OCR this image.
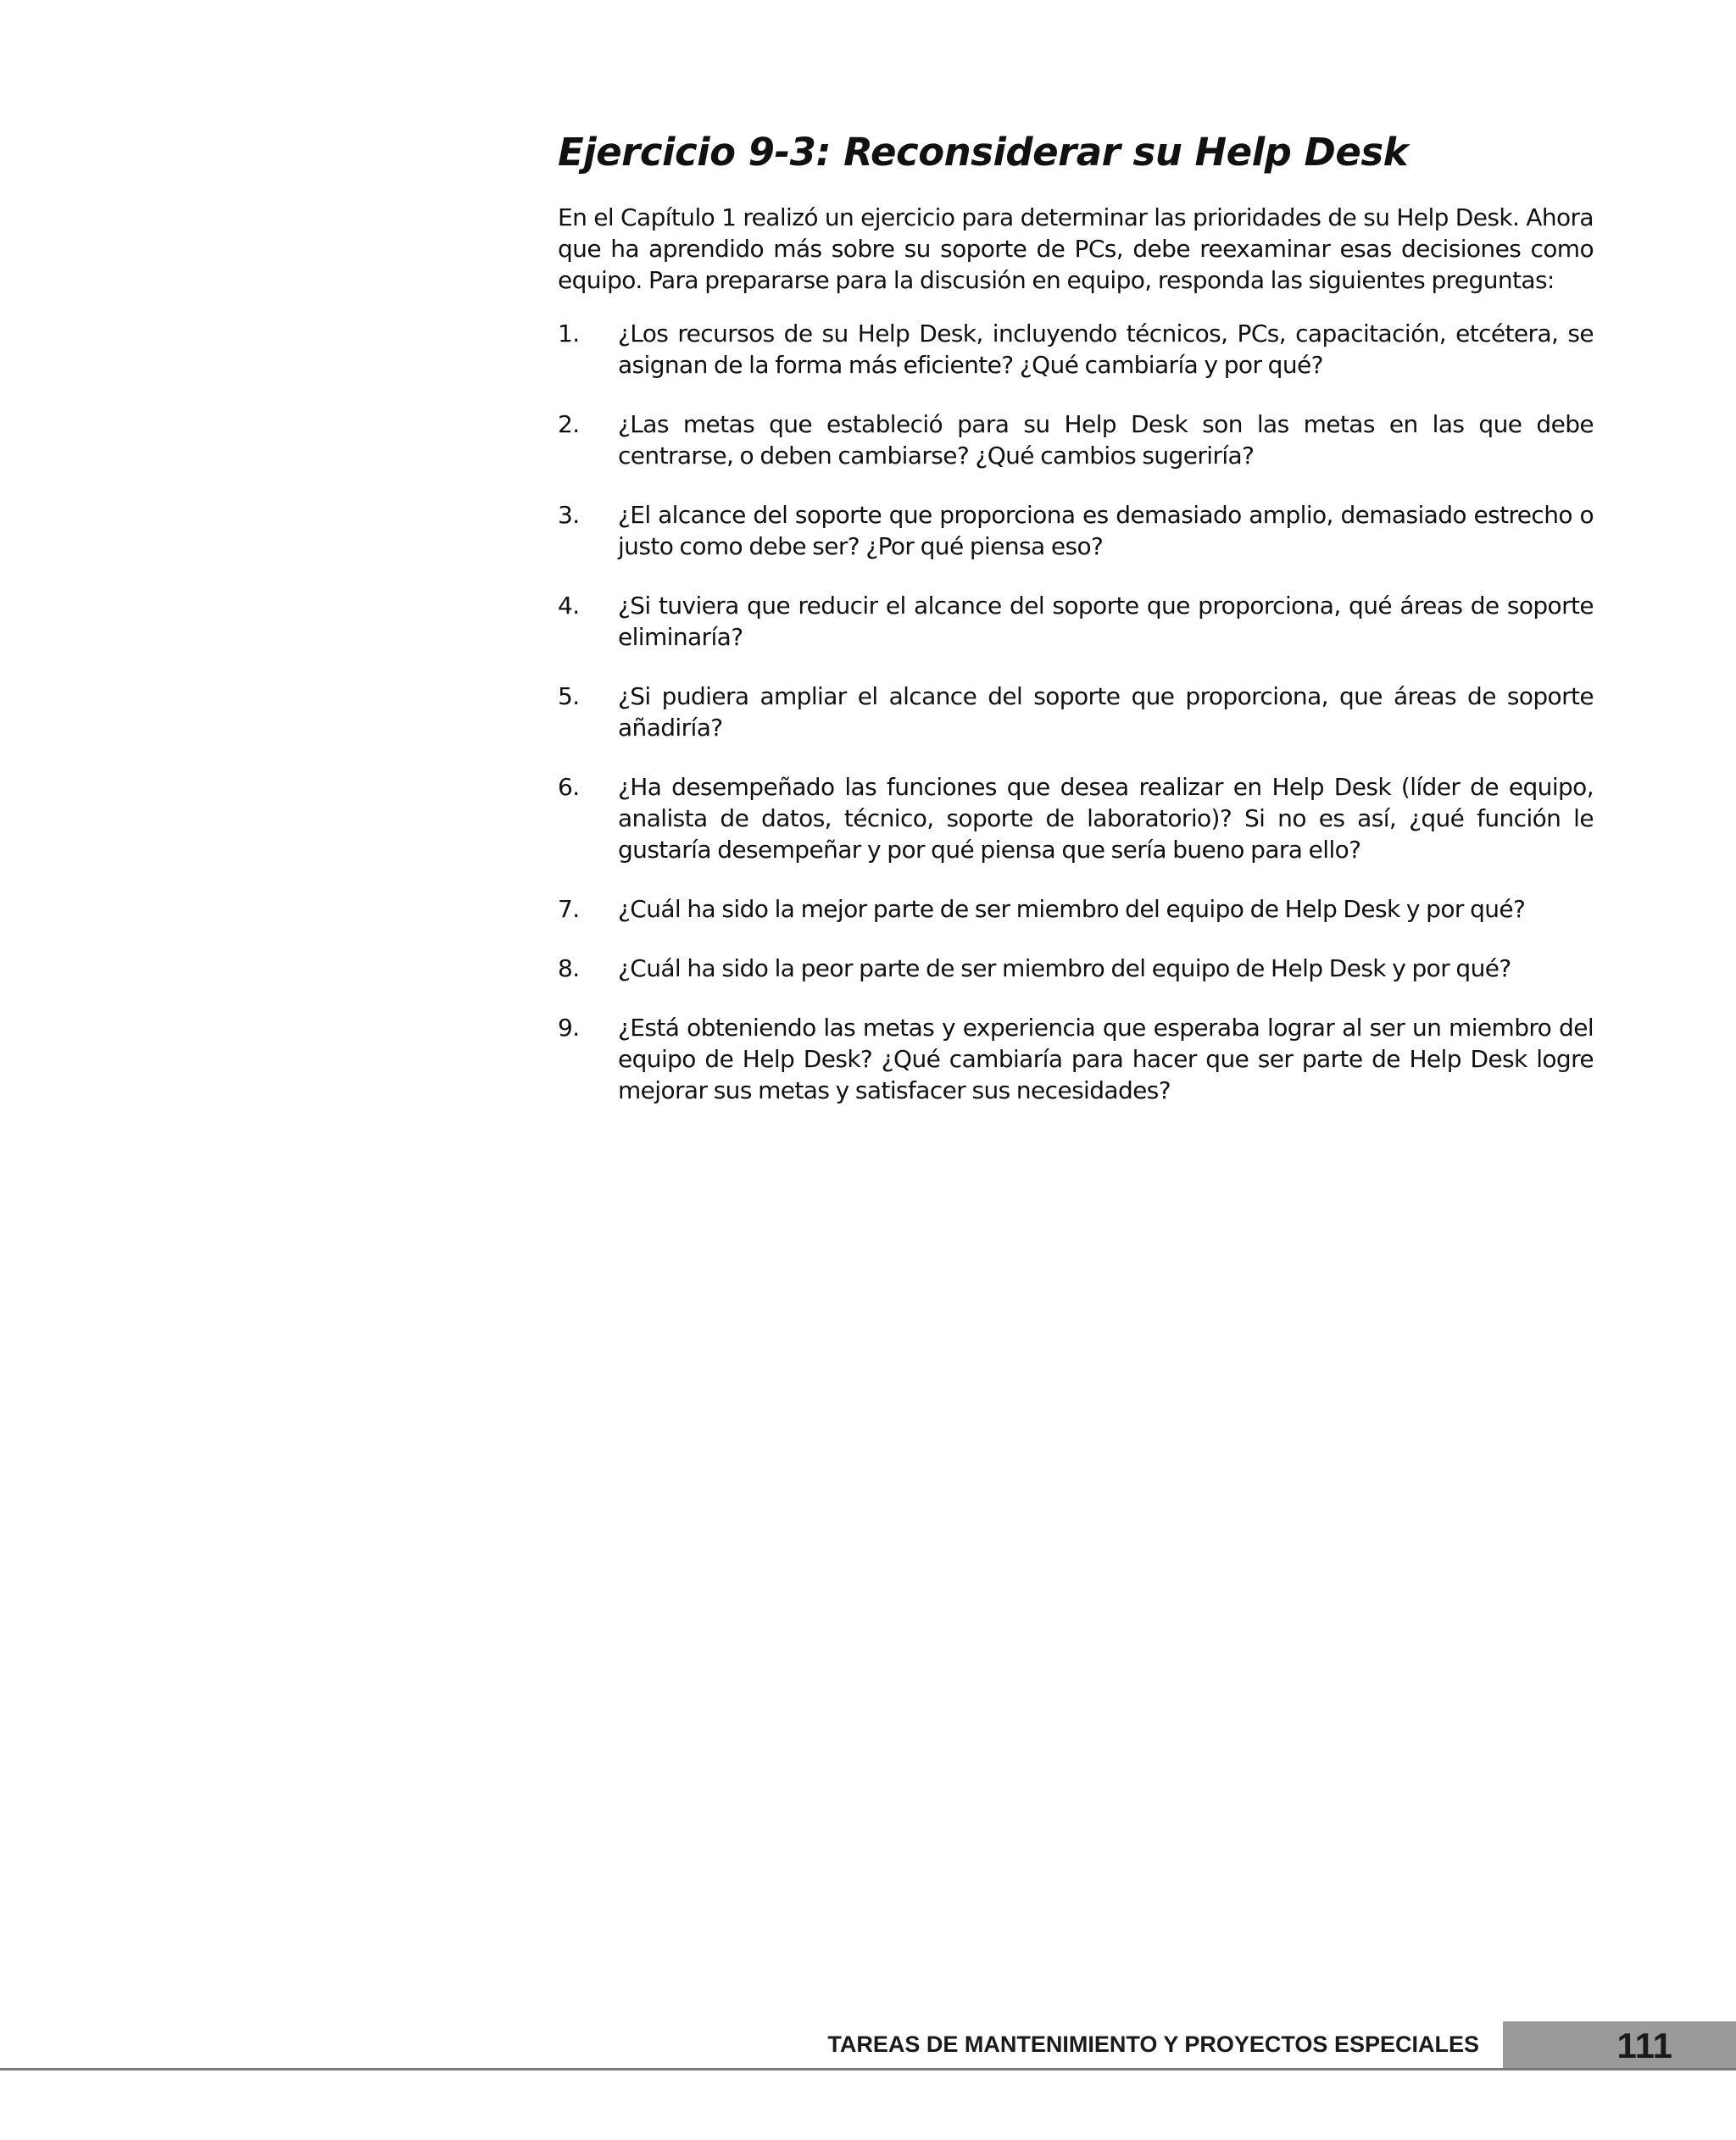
Ejercicio 9-3: Reconsiderar su Help Desk

En el Capítulo 1 realizó un ejercicio para determinar las prioridades de su Help Desk. Ahora que ha aprendido más sobre su soporte de PCs, debe reexaminar esas decisiones como equipo. Para prepararse para la discusión en equipo, responda las siguientes preguntas:

1. ¿Los recursos de su Help Desk, incluyendo técnicos, PCs, capacitación, etcétera, se asignan de la forma más eficiente? ¿Qué cambiaría y por qué?
2. ¿Las metas que estableció para su Help Desk son las metas en las que debe centrarse, o deben cambiarse? ¿Qué cambios sugeriría?
3. ¿El alcance del soporte que proporciona es demasiado amplio, demasiado estrecho o justo como debe ser? ¿Por qué piensa eso?
4. ¿Si tuviera que reducir el alcance del soporte que proporciona, qué áreas de soporte eliminaría?
5. ¿Si pudiera ampliar el alcance del soporte que proporciona, que áreas de soporte añadiría?
6. ¿Ha desempeñado las funciones que desea realizar en Help Desk (líder de equipo, analista de datos, técnico, soporte de laboratorio)? Si no es así, ¿qué función le gustaría desempeñar y por qué piensa que sería bueno para ello?
7. ¿Cuál ha sido la mejor parte de ser miembro del equipo de Help Desk y por qué?
8. ¿Cuál ha sido la peor parte de ser miembro del equipo de Help Desk y por qué?
9. ¿Está obteniendo las metas y experiencia que esperaba lograr al ser un miembro del equipo de Help Desk? ¿Qué cambiaría para hacer que ser parte de Help Desk logre mejorar sus metas y satisfacer sus necesidades?
TAREAS DE MANTENIMIENTO Y PROYECTOS ESPECIALES	111
